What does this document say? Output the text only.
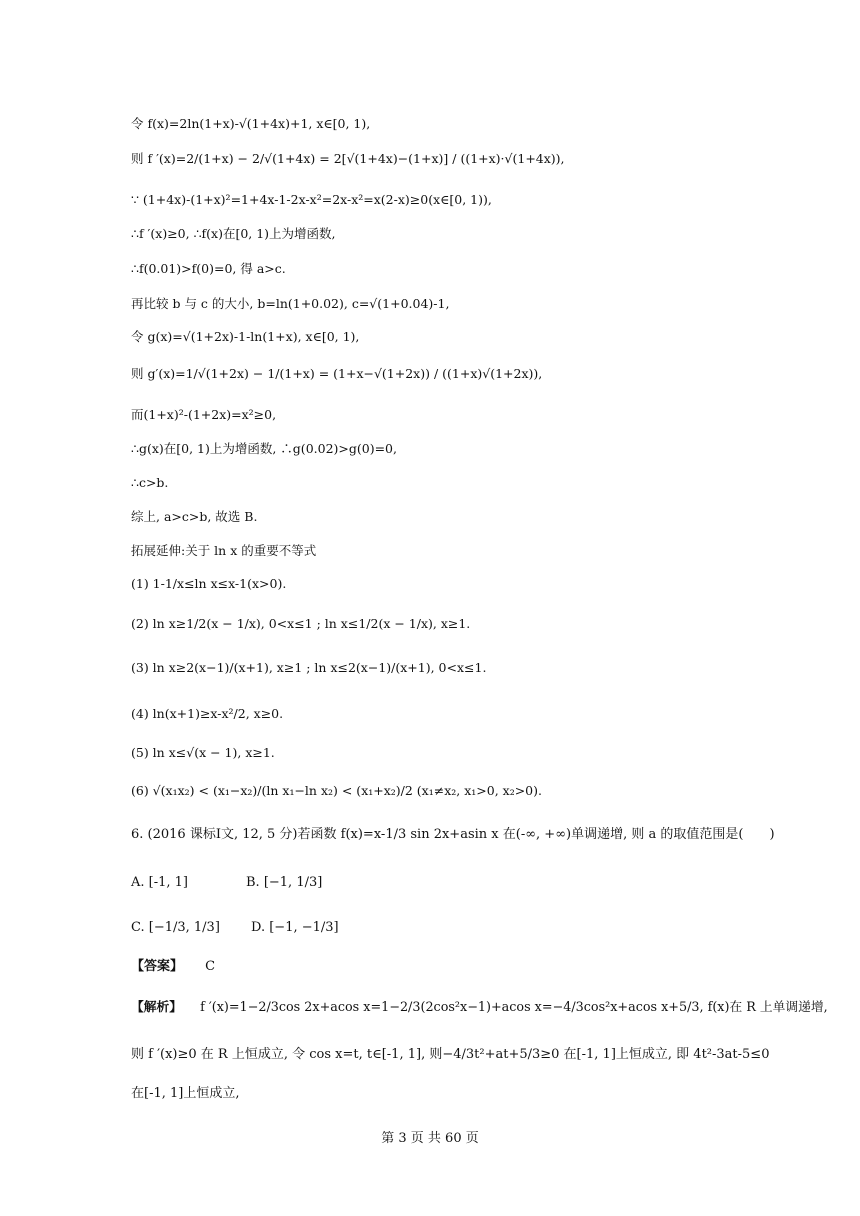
令 f(x)=2ln(1+x)-√(1+4x)+1, x∈[0, 1),
则 f ′(x)=2/(1+x) − 2/√(1+4x) = 2[√(1+4x)−(1+x)] / ((1+x)·√(1+4x)),
∵ (1+4x)-(1+x)²=1+4x-1-2x-x²=2x-x²=x(2-x)≥0(x∈[0, 1)),
∴f ′(x)≥0, ∴f(x)在[0, 1)上为增函数,
∴f(0.01)>f(0)=0, 得 a>c.
再比较 b 与 c 的大小, b=ln(1+0.02), c=√(1+0.04)-1,
令 g(x)=√(1+2x)-1-ln(1+x), x∈[0, 1),
则 g′(x)=1/√(1+2x) − 1/(1+x) = (1+x−√(1+2x)) / ((1+x)√(1+2x)),
而(1+x)²-(1+2x)=x²≥0,
∴g(x)在[0, 1)上为增函数, ∴g(0.02)>g(0)=0,
∴c>b.
综上, a>c>b, 故选 B.
拓展延伸:关于 ln x 的重要不等式
(1) 1-1/x≤ln x≤x-1(x>0).
(2) ln x≥1/2(x − 1/x), 0<x≤1 ; ln x≤1/2(x − 1/x), x≥1.
(3) ln x≥2(x−1)/(x+1), x≥1 ; ln x≤2(x−1)/(x+1), 0<x≤1.
(4) ln(x+1)≥x-x²/2, x≥0.
(5) ln x≤√(x − 1), x≥1.
(6) √(x₁x₂) < (x₁−x₂)/(ln x₁−ln x₂) < (x₁+x₂)/2 (x₁≠x₂, x₁>0, x₂>0).
6. (2016 课标Ⅰ文, 12, 5 分)若函数 f(x)=x-1/3 sin 2x+asin x 在(-∞, +∞)单调递增, 则 a 的取值范围是(　　)
A. [-1, 1]	B. [−1, 1/3]
C. [−1/3, 1/3] D. [−1, −1/3]
【答案】 C
【解析】 f ′(x)=1−2/3cos 2x+acos x=1−2/3(2cos²x−1)+acos x=−4/3cos²x+acos x+5/3, f(x)在 R 上单调递增,
则 f ′(x)≥0 在 R 上恒成立, 令 cos x=t, t∈[-1, 1], 则−4/3t²+at+5/3≥0 在[-1, 1]上恒成立, 即 4t²-3at-5≤0
在[-1, 1]上恒成立,
第 3 页 共 60 页
